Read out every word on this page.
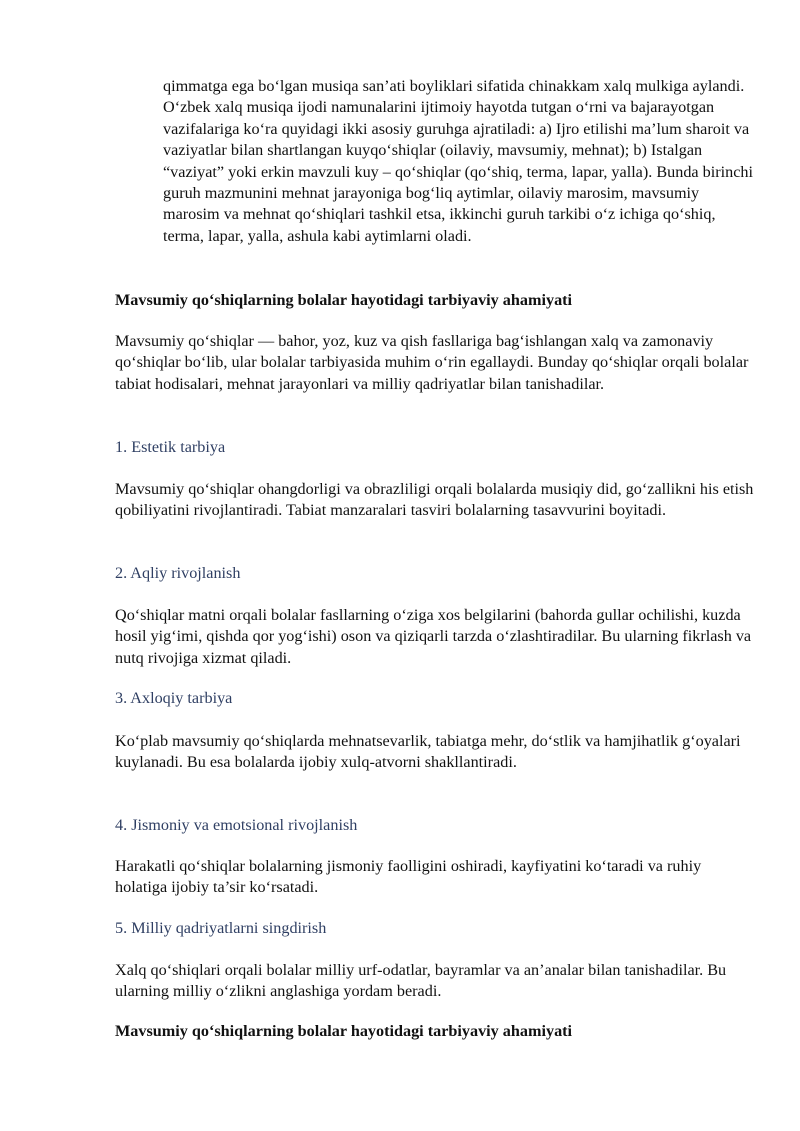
qimmatga ega bo‘lgan musiqa san’ati boyliklari sifatida chinakkam xalq mulkiga aylandi. O‘zbek xalq musiqa ijodi namunalarini ijtimoiy hayotda tutgan o‘rni va bajarayotgan vazifalariga ko‘ra quyidagi ikki asosiy guruhga ajratiladi: a) Ijro etilishi ma’lum sharoit va vaziyatlar bilan shartlangan kuyqo‘shiqlar (oilaviy, mavsumiy, mehnat); b) Istalgan “vaziyat” yoki erkin mavzuli kuy – qo‘shiqlar (qo‘shiq, terma, lapar, yalla). Bunda birinchi guruh mazmunini mehnat jarayoniga bog‘liq aytimlar, oilaviy marosim, mavsumiy marosim va mehnat qo‘shiqlari tashkil etsa, ikkinchi guruh tarkibi o‘z ichiga qo‘shiq, terma, lapar, yalla, ashula kabi aytimlarni oladi.

Mavsumiy qo‘shiqlarning bolalar hayotidagi tarbiyaviy ahamiyati

Mavsumiy qo‘shiqlar — bahor, yoz, kuz va qish fasllariga bag‘ishlangan xalq va zamonaviy qo‘shiqlar bo‘lib, ular bolalar tarbiyasida muhim o‘rin egallaydi. Bunday qo‘shiqlar orqali bolalar tabiat hodisalari, mehnat jarayonlari va milliy qadriyatlar bilan tanishadilar.

1. Estetik tarbiya

Mavsumiy qo‘shiqlar ohangdorligi va obrazliligi orqali bolalarda musiqiy did, go‘zallikni his etish qobiliyatini rivojlantiradi. Tabiat manzaralari tasviri bolalarning tasavvurini boyitadi.

2. Aqliy rivojlanish

Qo‘shiqlar matni orqali bolalar fasllarning o‘ziga xos belgilarini (bahorda gullar ochilishi, kuzda hosil yig‘imi, qishda qor yog‘ishi) oson va qiziqarli tarzda o‘zlashtiradilar. Bu ularning fikrlash va nutq rivojiga xizmat qiladi.

3. Axloqiy tarbiya

Ko‘plab mavsumiy qo‘shiqlarda mehnatsevarlik, tabiatga mehr, do‘stlik va hamjihatlik g‘oyalari kuylanadi. Bu esa bolalarda ijobiy xulq-atvorni shakllantiradi.

4. Jismoniy va emotsional rivojlanish

Harakatli qo‘shiqlar bolalarning jismoniy faolligini oshiradi, kayfiyatini ko‘taradi va ruhiy holatiga ijobiy ta’sir ko‘rsatadi.

5. Milliy qadriyatlarni singdirish

Xalq qo‘shiqlari orqali bolalar milliy urf-odatlar, bayramlar va an’analar bilan tanishadilar. Bu ularning milliy o‘zlikni anglashiga yordam beradi.

Mavsumiy qo‘shiqlarning bolalar hayotidagi tarbiyaviy ahamiyati
